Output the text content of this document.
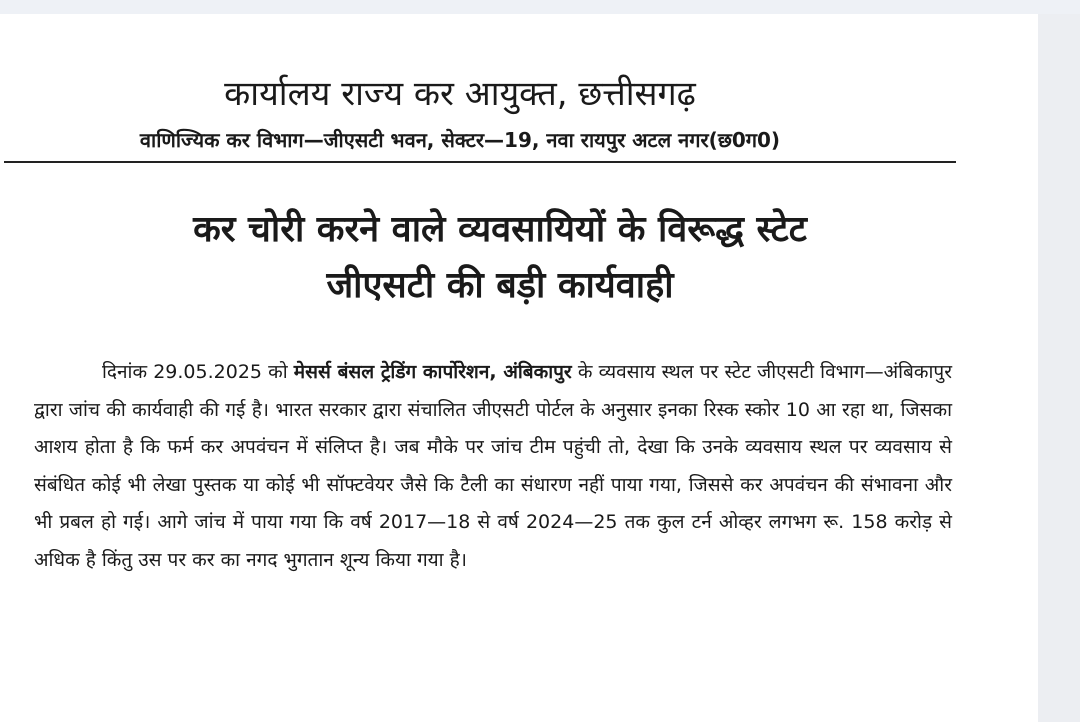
कार्यालय राज्य कर आयुक्त, छत्तीसगढ़
वाणिज्यिक कर विभाग—जीएसटी भवन, सेक्टर—19, नवा रायपुर अटल नगर(छ0ग0)
कर चोरी करने वाले व्यवसायियों के विरूद्ध स्टेट
जीएसटी की बड़ी कार्यवाही

दिनांक 29.05.2025 को मेसर्स बंसल ट्रेडिंग कार्पोरेशन, अंबिकापुर के व्यवसाय स्थल पर स्टेट जीएसटी विभाग—अंबिकापुर द्वारा जांच की कार्यवाही की गई है। भारत सरकार द्वारा संचालित जीएसटी पोर्टल के अनुसार इनका रिस्क स्कोर 10 आ रहा था, जिसका आशय होता है कि फर्म कर अपवंचन में संलिप्त है। जब मौके पर जांच टीम पहुंची तो, देखा कि उनके व्यवसाय स्थल पर व्यवसाय से संबंधित कोई भी लेखा पुस्तक या कोई भी सॉफ्टवेयर जैसे कि टैली का संधारण नहीं पाया गया, जिससे कर अपवंचन की संभावना और भी प्रबल हो गई। आगे जांच में पाया गया कि वर्ष 2017—18 से वर्ष 2024—25 तक कुल टर्न ओव्हर लगभग रू. 158 करोड़ से अधिक है किंतु उस पर कर का नगद भुगतान शून्य किया गया है।
